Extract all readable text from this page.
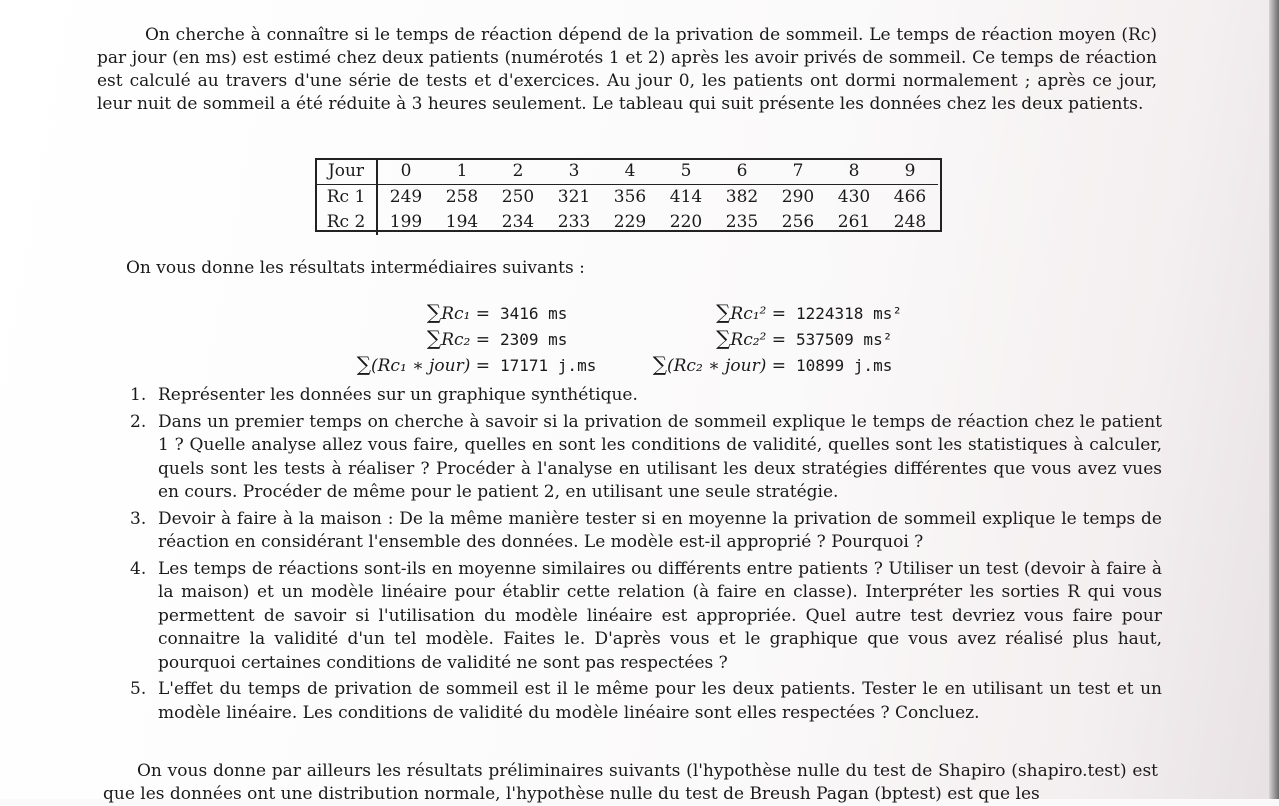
On cherche à connaître si le temps de réaction dépend de la privation de sommeil. Le temps de réaction moyen (Rc) par jour (en ms) est estimé chez deux patients (numérotés 1 et 2) après les avoir privés de sommeil. Ce temps de réaction est calculé au travers d'une série de tests et d'exercices. Au jour 0, les patients ont dormi normalement ; après ce jour, leur nuit de sommeil a été réduite à 3 heures seulement. Le tableau qui suit présente les données chez les deux patients.

Jour	0	1	2	3	4	5	6	7	8	9
Rc 1	249	258	250	321	356	414	382	290	430	466
Rc 2	199	194	234	233	229	220	235	256	261	248
On vous donne les résultats intermédiaires suivants :
∑Rc₁ = 3416 ms
∑Rc₂ = 2309 ms
∑(Rc₁ ∗ jour) = 17171 j.ms
∑Rc₁² = 1224318 ms²
∑Rc₂² = 537509 ms²
∑(Rc₂ ∗ jour) = 10899 j.ms
1. Représenter les données sur un graphique synthétique.
2. Dans un premier temps on cherche à savoir si la privation de sommeil explique le temps de réaction chez le patient 1 ? Quelle analyse allez vous faire, quelles en sont les conditions de validité, quelles sont les statistiques à calculer, quels sont les tests à réaliser ? Procéder à l'analyse en utilisant les deux stratégies différentes que vous avez vues en cours. Procéder de même pour le patient 2, en utilisant une seule stratégie.
3. Devoir à faire à la maison : De la même manière tester si en moyenne la privation de sommeil explique le temps de réaction en considérant l'ensemble des données. Le modèle est-il approprié ? Pourquoi ?
4. Les temps de réactions sont-ils en moyenne similaires ou différents entre patients ? Utiliser un test (devoir à faire à la maison) et un modèle linéaire pour établir cette relation (à faire en classe). Interpréter les sorties R qui vous permettent de savoir si l'utilisation du modèle linéaire est appropriée. Quel autre test devriez vous faire pour connaitre la validité d'un tel modèle. Faites le. D'après vous et le graphique que vous avez réalisé plus haut, pourquoi certaines conditions de validité ne sont pas respectées ?
5. L'effet du temps de privation de sommeil est il le même pour les deux patients. Tester le en utilisant un test et un modèle linéaire. Les conditions de validité du modèle linéaire sont elles respectées ? Concluez.

On vous donne par ailleurs les résultats préliminaires suivants (l'hypothèse nulle du test de Shapiro (shapiro.test) est que les données ont une distribution normale, l'hypothèse nulle du test de Breush Pagan (bptest) est que les
